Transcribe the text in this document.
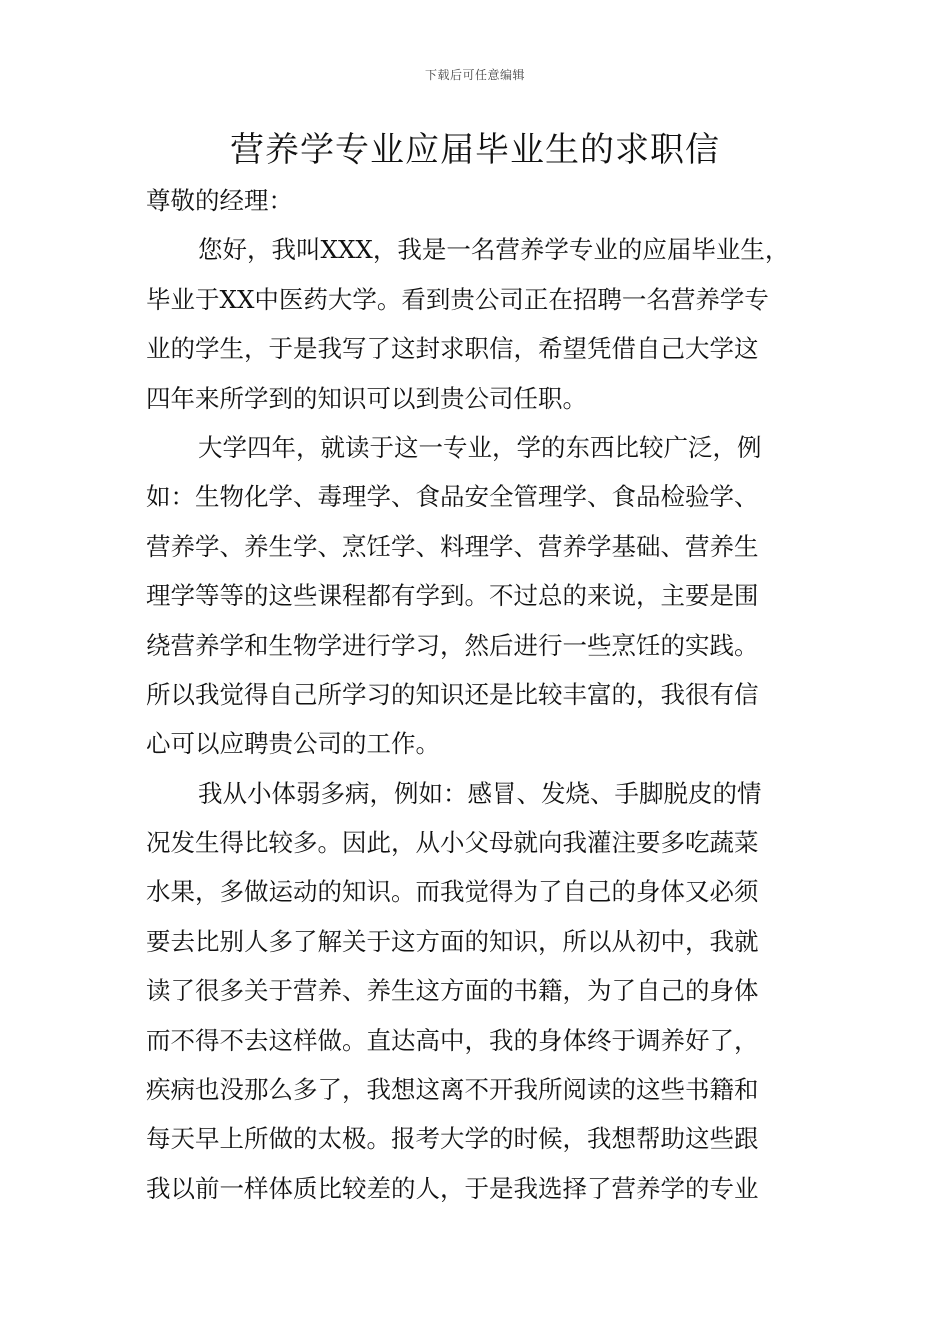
下载后可任意编辑
营养学专业应届毕业生的求职信
尊敬的经理：
您好，我叫XXX，我是一名营养学专业的应届毕业生，
毕业于XX中医药大学。看到贵公司正在招聘一名营养学专
业的学生，于是我写了这封求职信，希望凭借自己大学这
四年来所学到的知识可以到贵公司任职。
大学四年，就读于这一专业，学的东西比较广泛，例
如：生物化学、毒理学、食品安全管理学、食品检验学、
营养学、养生学、烹饪学、料理学、营养学基础、营养生
理学等等的这些课程都有学到。不过总的来说，主要是围
绕营养学和生物学进行学习，然后进行一些烹饪的实践。
所以我觉得自己所学习的知识还是比较丰富的，我很有信
心可以应聘贵公司的工作。
我从小体弱多病，例如：感冒、发烧、手脚脱皮的情
况发生得比较多。因此，从小父母就向我灌注要多吃蔬菜
水果，多做运动的知识。而我觉得为了自己的身体又必须
要去比别人多了解关于这方面的知识，所以从初中，我就
读了很多关于营养、养生这方面的书籍，为了自己的身体
而不得不去这样做。直达高中，我的身体终于调养好了，
疾病也没那么多了，我想这离不开我所阅读的这些书籍和
每天早上所做的太极。报考大学的时候，我想帮助这些跟
我以前一样体质比较差的人，于是我选择了营养学的专业
